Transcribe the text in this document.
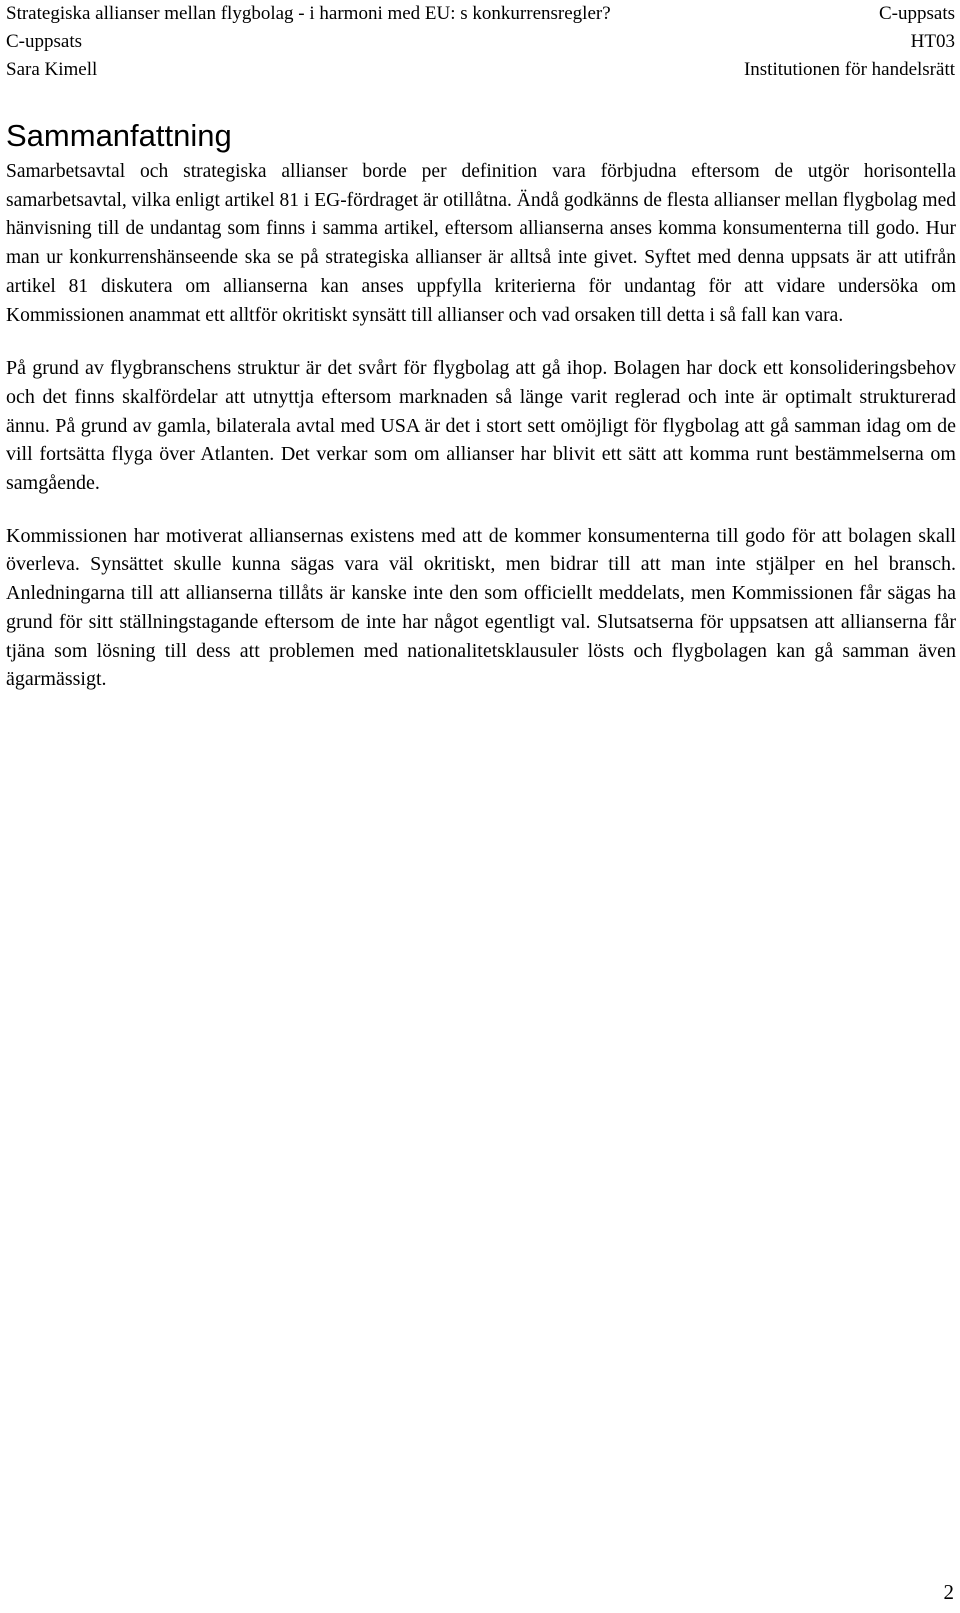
Strategiska allianser mellan flygbolag - i harmoni med EU: s konkurrensregler?	C-uppsats
C-uppsats	HT03
Sara Kimell	Institutionen för handelsrätt
Sammanfattning

Samarbetsavtal och strategiska allianser borde per definition vara förbjudna eftersom de utgör horisontella samarbetsavtal, vilka enligt artikel 81 i EG-fördraget är otillåtna. Ändå godkänns de flesta allianser mellan flygbolag med hänvisning till de undantag som finns i samma artikel, eftersom allianserna anses komma konsumenterna till godo. Hur man ur konkurrenshänseende ska se på strategiska allianser är alltså inte givet. Syftet med denna uppsats är att utifrån artikel 81 diskutera om allianserna kan anses uppfylla kriterierna för undantag för att vidare undersöka om Kommissionen anammat ett alltför okritiskt synsätt till allianser och vad orsaken till detta i så fall kan vara.

På grund av flygbranschens struktur är det svårt för flygbolag att gå ihop. Bolagen har dock ett konsolideringsbehov och det finns skalfördelar att utnyttja eftersom marknaden så länge varit reglerad och inte är optimalt strukturerad ännu. På grund av gamla, bilaterala avtal med USA är det i stort sett omöjligt för flygbolag att gå samman idag om de vill fortsätta flyga över Atlanten. Det verkar som om allianser har blivit ett sätt att komma runt bestämmelserna om samgående.

Kommissionen har motiverat alliansernas existens med att de kommer konsumenterna till godo för att bolagen skall överleva. Synsättet skulle kunna sägas vara väl okritiskt, men bidrar till att man inte stjälper en hel bransch. Anledningarna till att allianserna tillåts är kanske inte den som officiellt meddelats, men Kommissionen får sägas ha grund för sitt ställningstagande eftersom de inte har något egentligt val. Slutsatserna för uppsatsen att allianserna får tjäna som lösning till dess att problemen med nationalitetsklausuler lösts och flygbolagen kan gå samman även ägarmässigt.

2
